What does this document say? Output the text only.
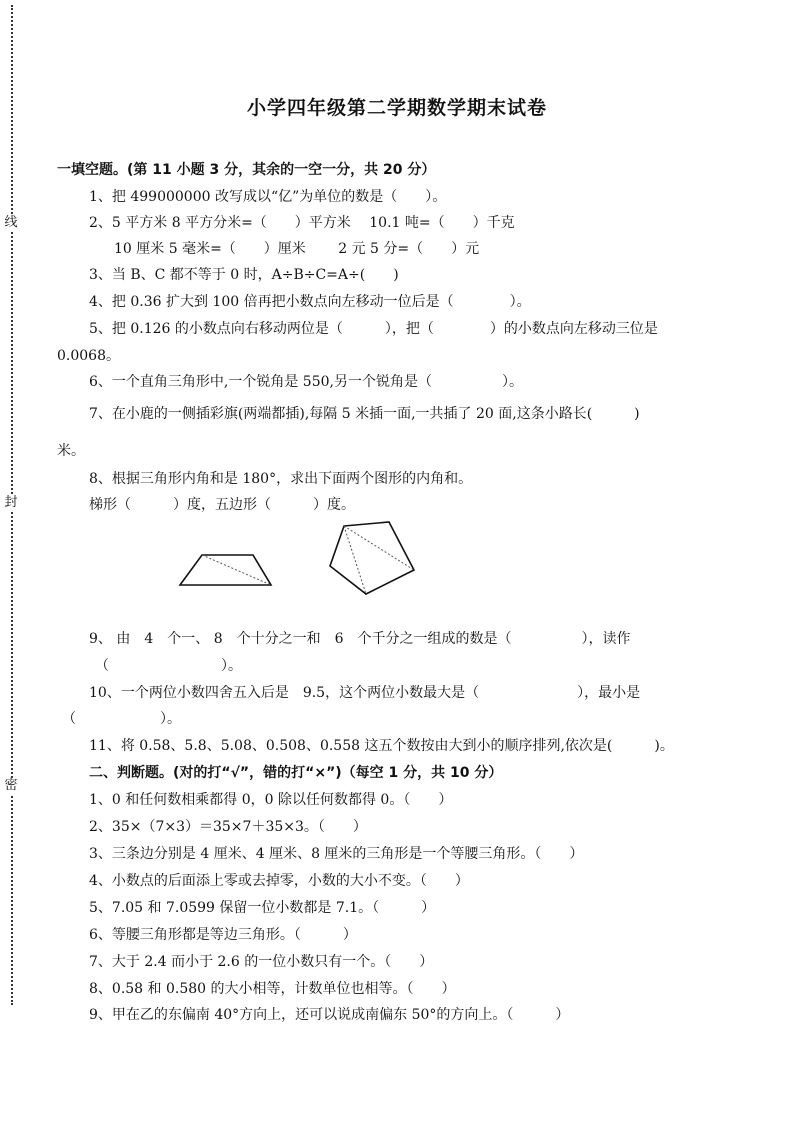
线
封
密
小学四年级第二学期数学期末试卷
一填空题。(第 11 小题 3 分，其余的一空一分，共 20 分）
1、把 499000000 改写成以“亿”为单位的数是（　　）。
2、5 平方米 8 平方分米=（　　）平方米　 10.1 吨=（　　）千克
10 厘米 5 毫米=（　　）厘米　　 2 元 5 分=（　　）元
3、当 B、C 都不等于 0 时，A÷B÷C=A÷(　　)
4、把 0.36 扩大到 100 倍再把小数点向左移动一位后是（　　　　）。
5、把 0.126 的小数点向右移动两位是（　　　），把（　　　　）的小数点向左移动三位是
0.0068。
6、一个直角三角形中,一个锐角是 550,另一个锐角是（　　　　　）。
7、在小鹿的一侧插彩旗(两端都插),每隔 5 米插一面,一共插了 20 面,这条小路长(　　　)
米。
8、根据三角形内角和是 180°，求出下面两个图形的内角和。
梯形（　　　）度，五边形（　　　）度。
9、 由　4　个一、 8　个十分之一和　6　个千分之一组成的数是（　　　　　），读作
（　　　　　　　　）。
10、一个两位小数四舍五入后是　9.5，这个两位小数最大是（　　　　　　　），最小是
（　　　　　　）。
11、将 0.58、5.8、5.08、0.508、0.558 这五个数按由大到小的顺序排列,依次是(　　　)。
二、判断题。(对的打“√”，错的打“×”)（每空 1 分，共 10 分）
1、0 和任何数相乘都得 0，0 除以任何数都得 0。（　　）
2、35×（7×3）＝35×7＋35×3。（　　）
3、三条边分别是 4 厘米、4 厘米、8 厘米的三角形是一个等腰三角形。（　　）
4、小数点的后面添上零或去掉零，小数的大小不变。（　　）
5、7.05 和 7.0599 保留一位小数都是 7.1。（　　　）
6、等腰三角形都是等边三角形。（　　　）
7、大于 2.4 而小于 2.6 的一位小数只有一个。（　　）
8、0.58 和 0.580 的大小相等，计数单位也相等。（　　）
9、甲在乙的东偏南 40°方向上，还可以说成南偏东 50°的方向上。（　　　）
